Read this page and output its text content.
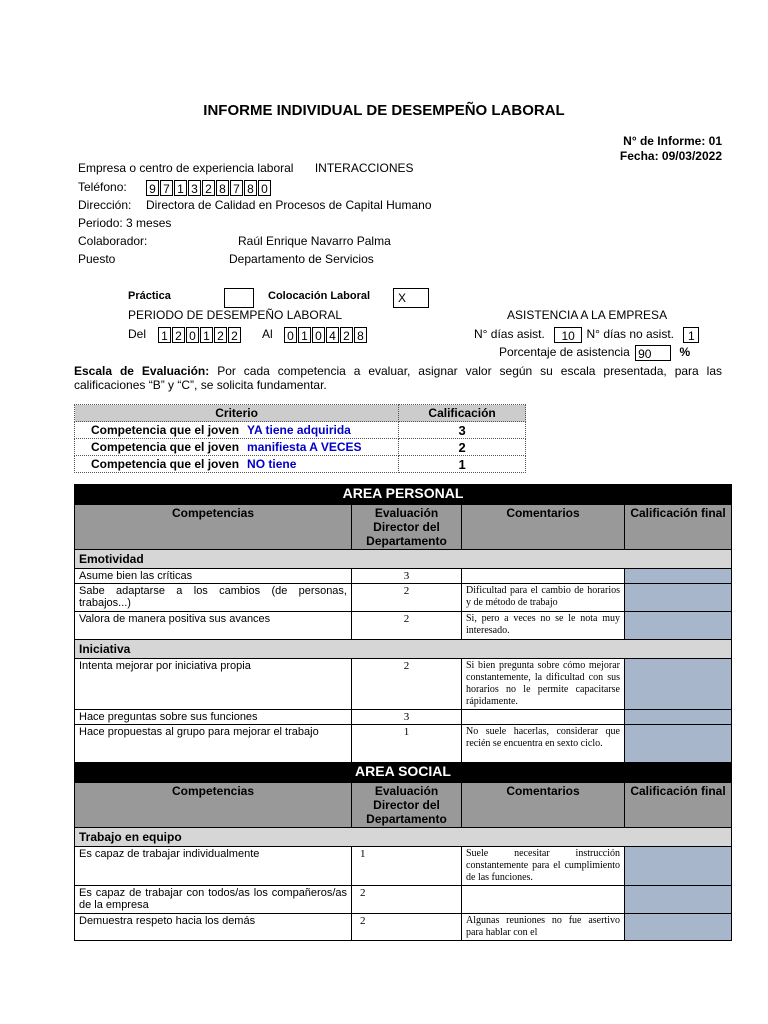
INFORME INDIVIDUAL DE DESEMPEÑO LABORAL
N° de Informe: 01
Fecha: 09/03/2022
Empresa o centro de experiencia laboral INTERACCIONES
Teléfono: 9 7 1 3 2 8 7 8 0
Dirección: Directora de Calidad en Procesos de Capital Humano
Periodo: 3 meses
Colaborador:	Raúl Enrique Navarro Palma
Puesto	Departamento de Servicios
Práctica	Colocación Laboral	X
PERIODO DE DESEMPEÑO LABORAL	ASISTENCIA A LA EMPRESA
Del 1 2 0 1 2 2 Al 0 1 0 4 2 8	N° días asist. 10 N° días no asist. 1
Porcentaje de asistencia 90 %
Escala de Evaluación: Por cada competencia a evaluar, asignar valor según su escala presentada, para las calificaciones “B” y “C”, se solicita fundamentar.
Criterio	Calificación
Competencia que el joven YA tiene adquirida	3
Competencia que el joven manifiesta A VECES	2
Competencia que el joven NO tiene	1
AREA PERSONAL			
Competencias	Evaluación Director del Departamento	Comentarios	Calificación final
Emotividad			
Asume bien las críticas	3		
Sabe adaptarse a los cambios (de personas, trabajos...)	2	Dificultad para el cambio de horarios y de método de trabajo	
Valora de manera positiva sus avances	2	Si, pero a veces no se le nota muy interesado.	
Iniciativa			
Intenta mejorar por iniciativa propia	2	Si bien pregunta sobre cómo mejorar constantemente, la dificultad con sus horarios no le permite capacitarse rápidamente.	
Hace preguntas sobre sus funciones	3		
Hace propuestas al grupo para mejorar el trabajo	1	No suele hacerlas, considerar que recién se encuentra en sexto ciclo.	
AREA SOCIAL			
Competencias	Evaluación Director del Departamento	Comentarios	Calificación final
Trabajo en equipo			
Es capaz de trabajar individualmente	1	Suele necesitar instrucción constantemente para el cumplimiento de las funciones.	
Es capaz de trabajar con todos/as los compañeros/as de la empresa	2		
Demuestra respeto hacia los demás	2	Algunas reuniones no fue asertivo para hablar con el	
